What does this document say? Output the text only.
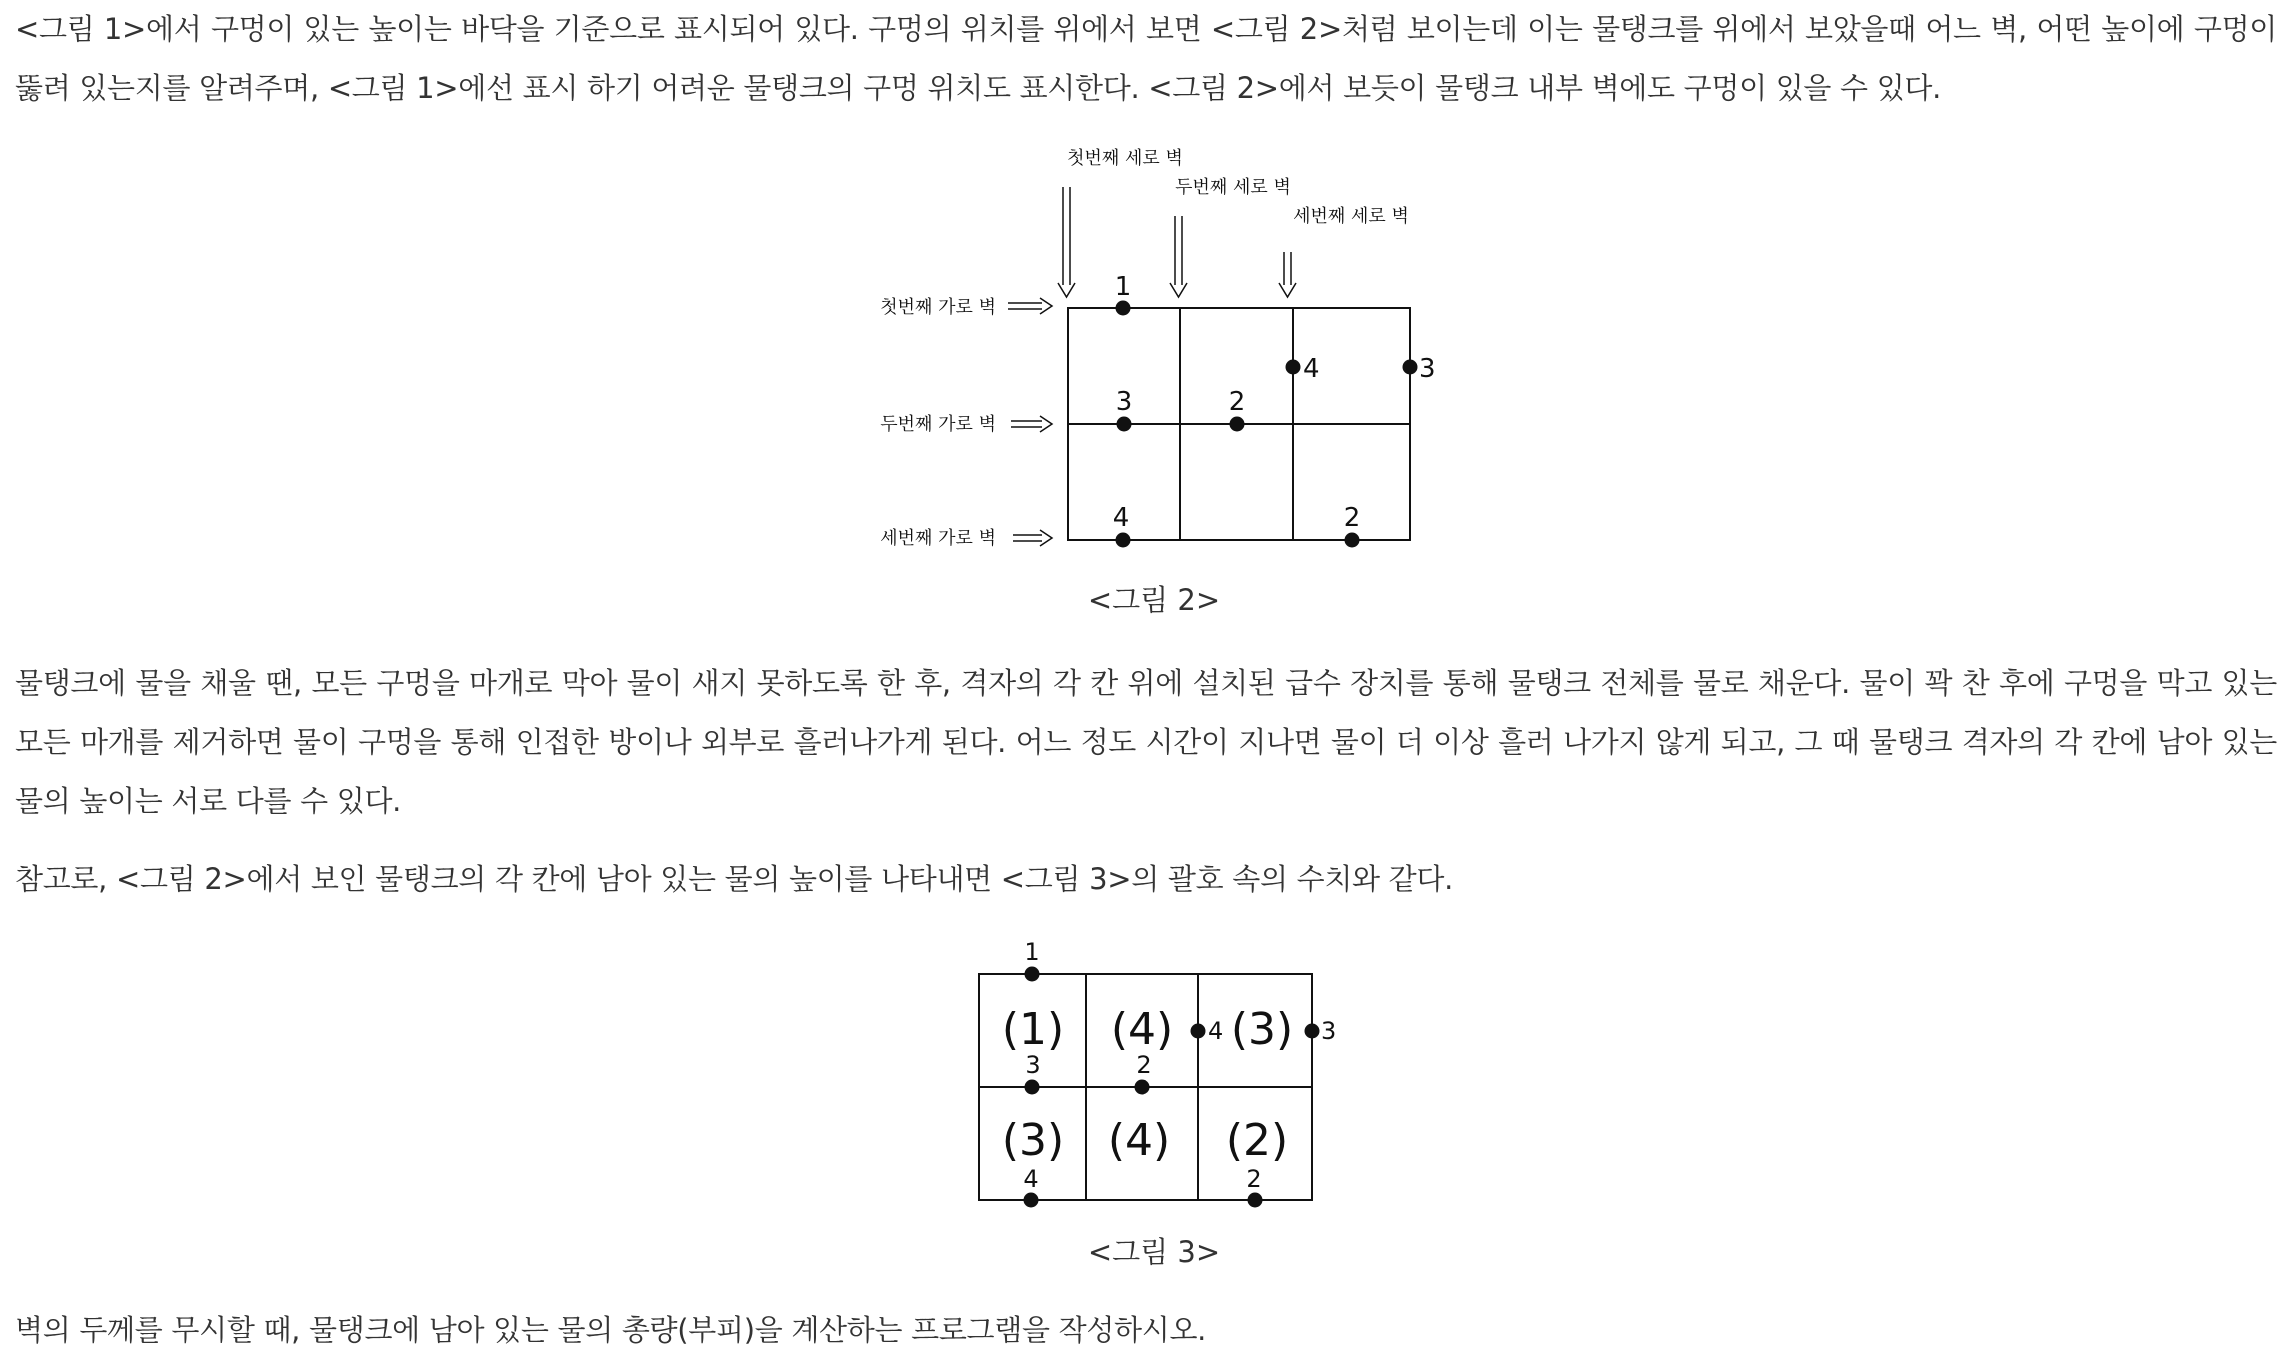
<그림 1>에서 구멍이 있는 높이는 바닥을 기준으로 표시되어 있다. 구멍의 위치를 위에서 보면 <그림 2>처럼 보이는데 이는 물탱크를 위에서 보았을때 어느 벽, 어떤 높이에 구멍이 뚫려 있는지를 알려주며, <그림 1>에선 표시 하기 어려운 물탱크의 구멍 위치도 표시한다. <그림 2>에서 보듯이 물탱크 내부 벽에도 구멍이 있을 수 있다.

첫번째 세로 벽
두번째 세로 벽
세번째 세로 벽
첫번째 가로 벽
두번째 가로 벽
세번째 가로 벽
1
4	3
3	2
4	2
<그림 2>

물탱크에 물을 채울 땐, 모든 구멍을 마개로 막아 물이 새지 못하도록 한 후, 격자의 각 칸 위에 설치된 급수 장치를 통해 물탱크 전체를 물로 채운다. 물이 꽉 찬 후에 구멍을 막고 있는 모든 마개를 제거하면 물이 구멍을 통해 인접한 방이나 외부로 흘러나가게 된다. 어느 정도 시간이 지나면 물이 더 이상 흘러 나가지 않게 되고, 그 때 물탱크 격자의 각 칸에 남아 있는 물의 높이는 서로 다를 수 있다.

참고로, <그림 2>에서 보인 물탱크의 각 칸에 남아 있는 물의 높이를 나타내면 <그림 3>의 괄호 속의 수치와 같다.

(1) (4) (3)
(3) (4) (2)
1
3	2
4	3
4	2
<그림 3>

벽의 두께를 무시할 때, 물탱크에 남아 있는 물의 총량(부피)을 계산하는 프로그램을 작성하시오.
